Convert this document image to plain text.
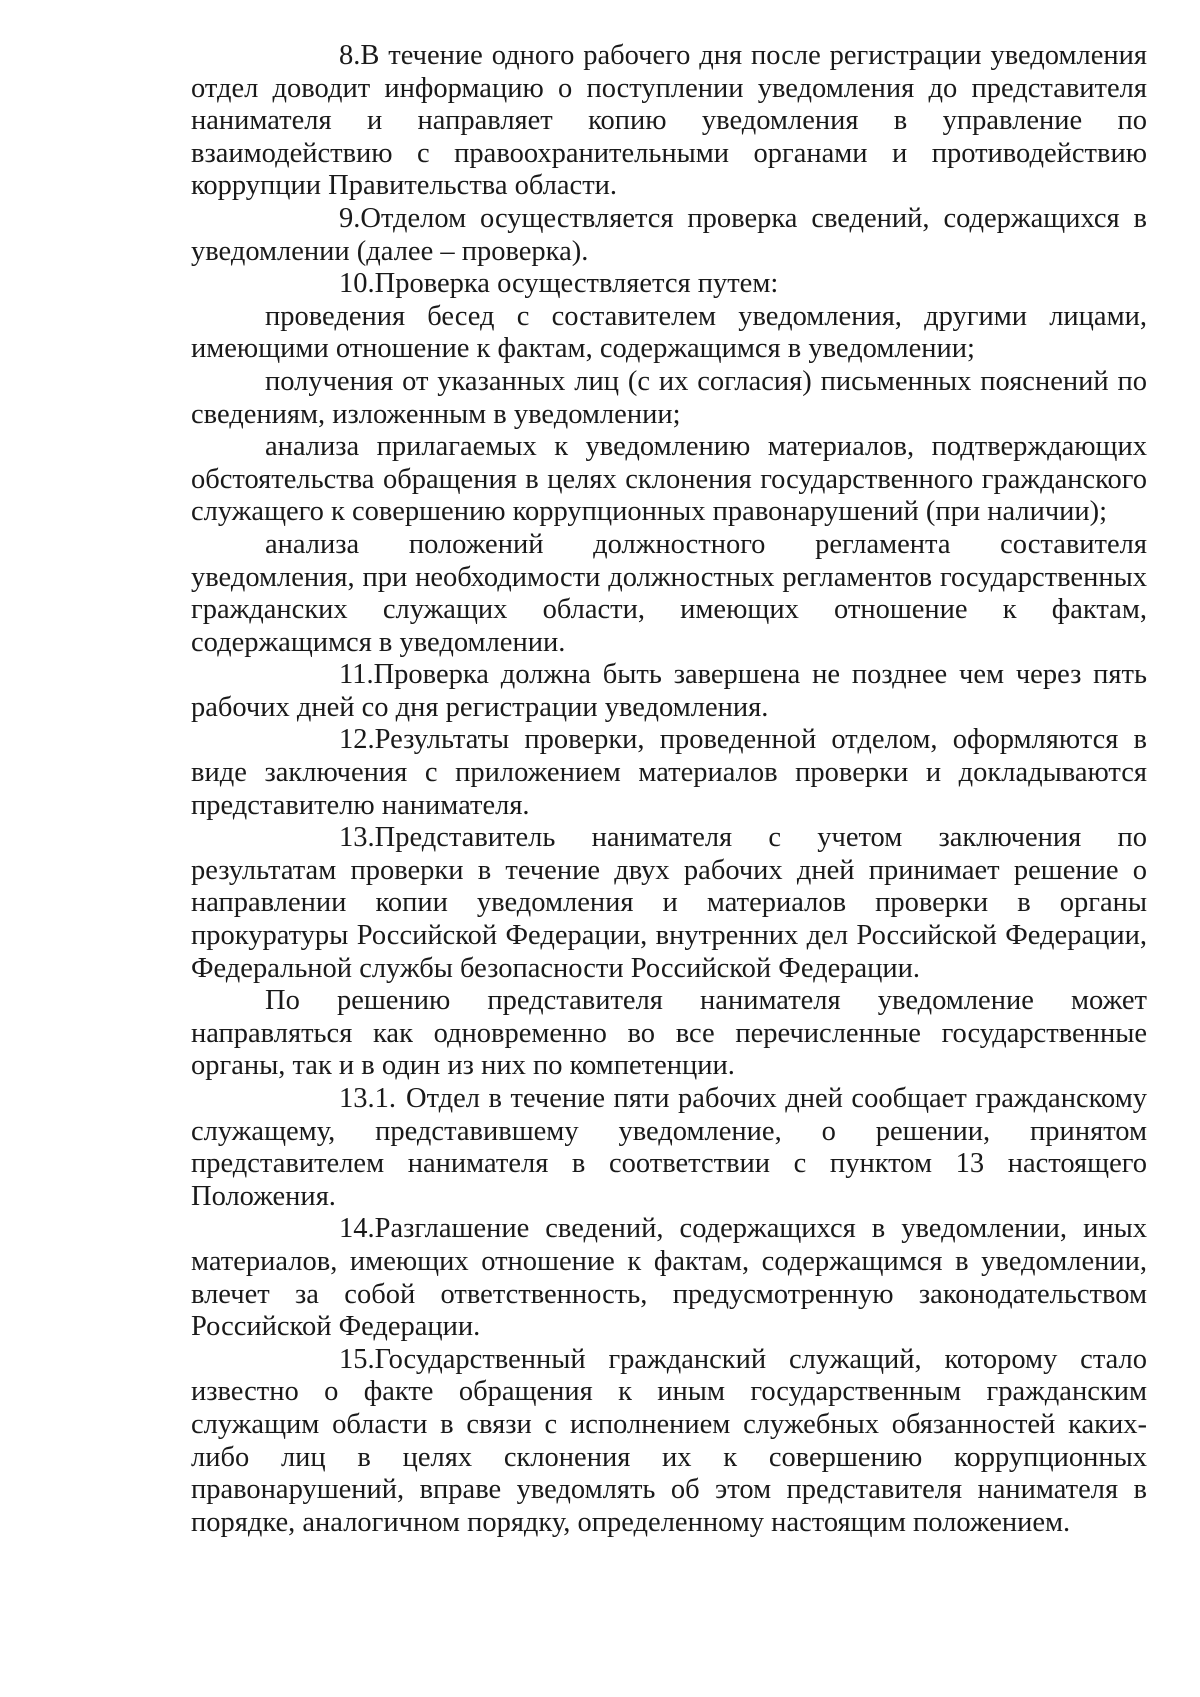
8.В течение одного рабочего дня после регистрации уведомления отдел доводит информацию о поступлении уведомления до представителя нанимателя и направляет копию уведомления в управление по взаимодействию с правоохранительными органами и противодействию коррупции Правительства области.

9.Отделом осуществляется проверка сведений, содержащихся в уведомлении (далее – проверка).

10.Проверка осуществляется путем:

проведения бесед с составителем уведомления, другими лицами, имеющими отношение к фактам, содержащимся в уведомлении;

получения от указанных лиц (с их согласия) письменных пояснений по сведениям, изложенным в уведомлении;

анализа прилагаемых к уведомлению материалов, подтверждающих обстоятельства обращения в целях склонения государственного гражданского служащего к совершению коррупционных правонарушений (при наличии);

анализа положений должностного регламента составителя уведомления, при необходимости должностных регламентов государственных гражданских служащих области, имеющих отношение к фактам, содержащимся в уведомлении.

11.Проверка должна быть завершена не позднее чем через пять рабочих дней со дня регистрации уведомления.

12.Результаты проверки, проведенной отделом, оформляются в виде заключения с приложением материалов проверки и докладываются представителю нанимателя.

13.Представитель нанимателя с учетом заключения по результатам проверки в течение двух рабочих дней принимает решение о направлении копии уведомления и материалов проверки в органы прокуратуры Российской Федерации, внутренних дел Российской Федерации, Федеральной службы безопасности Российской Федерации.

По решению представителя нанимателя уведомление может направляться как одновременно во все перечисленные государственные органы, так и в один из них по компетенции.

13.1. Отдел в течение пяти рабочих дней сообщает гражданскому служащему, представившему уведомление, о решении, принятом представителем нанимателя в соответствии с пунктом 13 настоящего Положения.

14.Разглашение сведений, содержащихся в уведомлении, иных материалов, имеющих отношение к фактам, содержащимся в уведомлении, влечет за собой ответственность, предусмотренную законодательством Российской Федерации.

15.Государственный гражданский служащий, которому стало известно о факте обращения к иным государственным гражданским служащим области в связи с исполнением служебных обязанностей каких-либо лиц в целях склонения их к совершению коррупционных правонарушений, вправе уведомлять об этом представителя нанимателя в порядке, аналогичном порядку, определенному настоящим положением.
